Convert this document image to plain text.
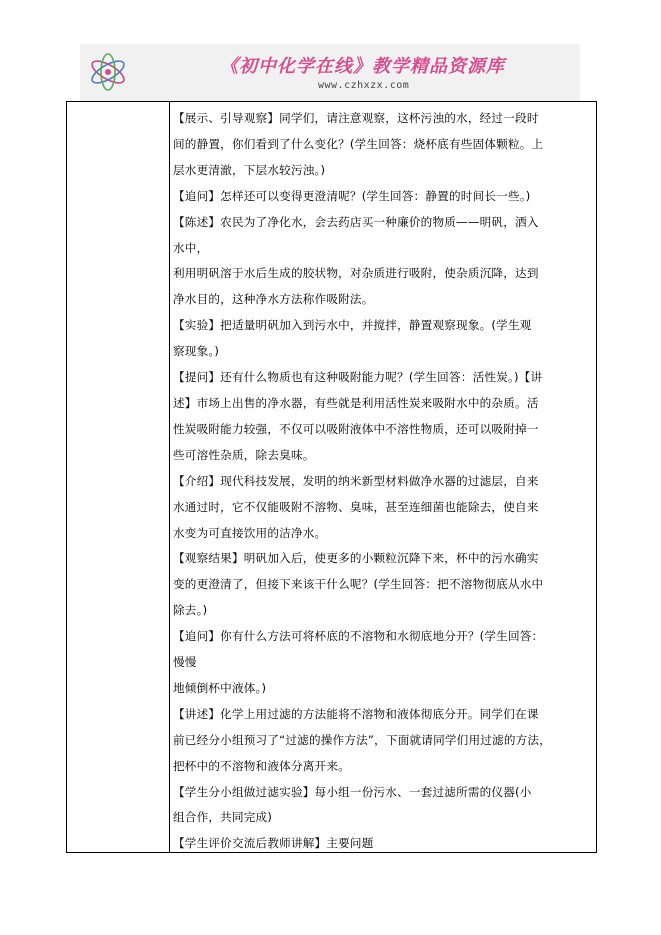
《初中化学在线》教学精品资源库
www.czhxzx.com

【展示、引导观察】同学们，请注意观察，这杯污浊的水，经过一段时

间的静置，你们看到了什么变化？(学生回答：烧杯底有些固体颗粒。上

层水更清澈，下层水较污浊。)

【追问】怎样还可以变得更澄清呢？(学生回答：静置的时间长一些。)

【陈述】农民为了净化水，会去药店买一种廉价的物质——明矾，洒入

水中，

利用明矾溶于水后生成的胶状物，对杂质进行吸附，使杂质沉降，达到

净水目的，这种净水方法称作吸附法。

【实验】把适量明矾加入到污水中，并搅拌，静置观察现象。(学生观

察现象。)

【提问】还有什么物质也有这种吸附能力呢？(学生回答：活性炭。)【讲

述】市场上出售的净水器，有些就是利用活性炭来吸附水中的杂质。活

性炭吸附能力较强，不仅可以吸附液体中不溶性物质，还可以吸附掉一

些可溶性杂质，除去臭味。

【介绍】现代科技发展，发明的纳米新型材料做净水器的过滤层，自来

水通过时，它不仅能吸附不溶物、臭味，甚至连细菌也能除去，使自来

水变为可直接饮用的洁净水。

【观察结果】明矾加入后，使更多的小颗粒沉降下来，杯中的污水确实

变的更澄清了，但接下来该干什么呢？(学生回答：把不溶物彻底从水中

除去。)

【追问】你有什么方法可将杯底的不溶物和水彻底地分开？(学生回答：

慢慢

地倾倒杯中液体。)

【讲述】化学上用过滤的方法能将不溶物和液体彻底分开。同学们在课

前已经分小组预习了“过滤的操作方法”，下面就请同学们用过滤的方法，

把杯中的不溶物和液体分离开来。

【学生分小组做过滤实验】每小组一份污水、一套过滤所需的仪器(小

组合作，共同完成)

【学生评价交流后教师讲解】主要问题
